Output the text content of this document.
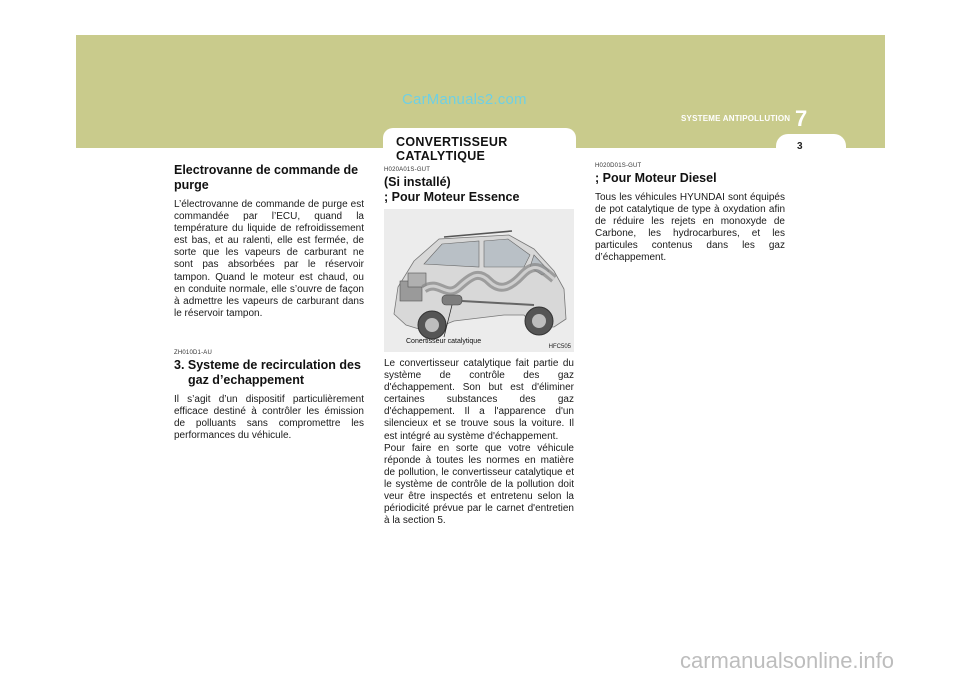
CarManuals2.com
SYSTEME ANTIPOLLUTION 7
3
CONVERTISSEUR CATALYTIQUE

Electrovanne de commande de purge

L’électrovanne de commande de purge est commandée par l’ECU, quand la température du liquide de refroidissement est bas, et au ralenti, elle est fermée, de sorte que les vapeurs de carburant ne sont pas absorbées par le réservoir tampon. Quand le moteur est chaud, ou en conduite normale, elle s’ouvre de façon à admettre les vapeurs de carburant dans le réservoir tampon.

ZH010D1-AU

3. Systeme de recirculation des gaz d’echappement

Il s’agit d’un dispositif particulièrement efficace destiné à contrôler les émission de polluants sans compromettre les performances du véhicule.

H020A01S-GUT

(Si installé)
; Pour Moteur Essence

Conertisseur catalytique
HFC505

Le convertisseur catalytique fait partie du système de contrôle des gaz d'échappement. Son but est d'éliminer certaines substances des gaz d'échappement. Il a l'apparence d'un silencieux et se trouve sous la voiture. Il est intégré au système d'échappement.
Pour faire en sorte que votre véhicule réponde à toutes les normes en matière de pollution, le convertisseur catalytique et le système de contrôle de la pollution doit veur être inspectés et entretenu selon la périodicité prévue par le carnet d'entretien à la section 5.

H020D01S-GUT

; Pour Moteur Diesel

Tous les véhicules HYUNDAI sont équipés de pot catalytique de type à oxydation afin de réduire les rejets en monoxyde de Carbone, les hydrocarbures, et les particules contenus dans les gaz d’échappement.

carmanualsonline.info
